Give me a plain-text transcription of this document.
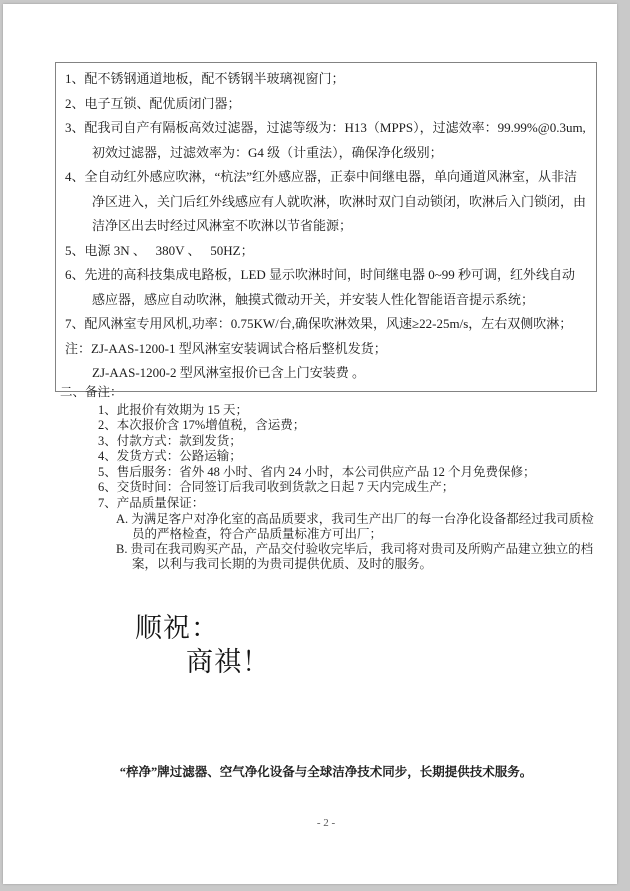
1、配不锈钢通道地板，配不锈钢半玻璃视窗门；
2、电子互锁、配优质闭门器；
3、配我司自产有隔板高效过滤器，过滤等级为：H13（MPPS），过滤效率：99.99%@0.3um,初效过滤器，过滤效率为：G4 级（计重法），确保净化级别；
4、全自动红外感应吹淋，“杭法”红外感应器，正泰中间继电器，单向通道风淋室，从非洁净区进入，关门后红外线感应有人就吹淋，吹淋时双门自动锁闭，吹淋后入门锁闭，由洁净区出去时经过风淋室不吹淋以节省能源；
5、电源 3N 、　 380V 、　 50HZ；
6、先进的高科技集成电路板，LED 显示吹淋时间，时间继电器 0~99 秒可调，红外线自动感应器，感应自动吹淋，触摸式微动开关，并安装人性化智能语音提示系统；
7、配风淋室专用风机,功率：0.75KW/台,确保吹淋效果，风速≥22-25m/s，左右双侧吹淋；
注：ZJ-AAS-1200-1 型风淋室安装调试合格后整机发货；
ZJ-AAS-1200-2 型风淋室报价已含上门安装费 。
二、备注：
1、此报价有效期为 15 天；
2、本次报价含 17%增值税，含运费；
3、付款方式：款到发货；
4、发货方式：公路运输；
5、售后服务：省外 48 小时、省内 24 小时，本公司供应产品 12 个月免费保修；
6、交货时间：合同签订后我司收到货款之日起 7 天内完成生产；
7、产品质量保证：
A. 为满足客户对净化室的高品质要求，我司生产出厂的每一台净化设备都经过我司质检员的严格检查，符合产品质量标准方可出厂；
B. 贵司在我司购买产品，产品交付验收完毕后，我司将对贵司及所购产品建立独立的档案，以利与我司长期的为贵司提供优质、及时的服务。
顺祝：
商祺！
“梓净”牌过滤器、空气净化设备与全球洁净技术同步，长期提供技术服务。
- 2 -
